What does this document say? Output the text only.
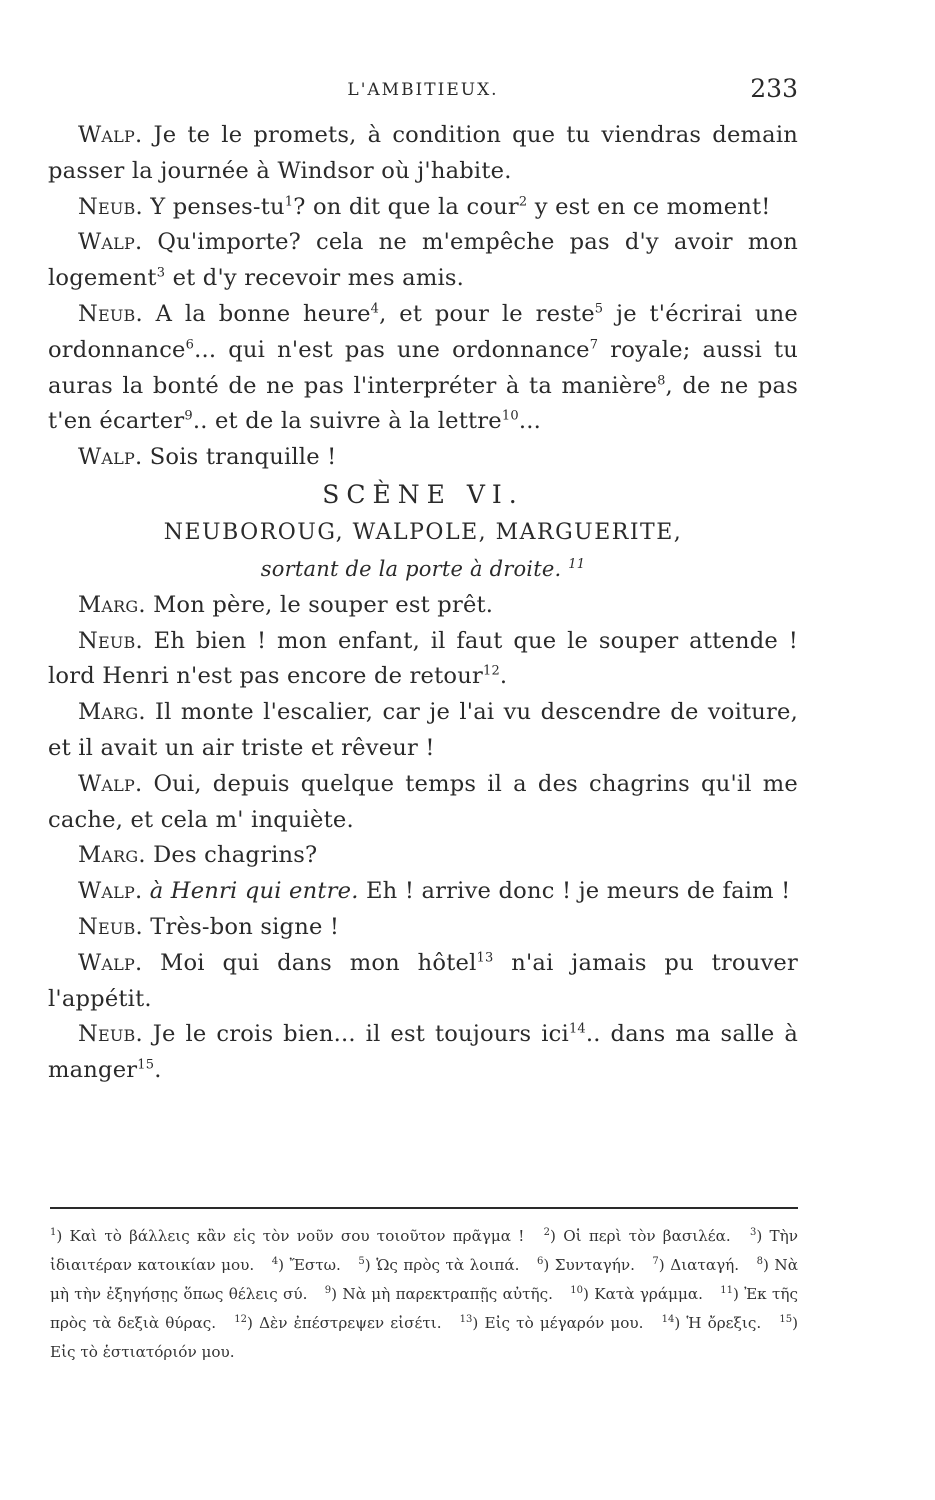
L'AMBITIEUX.	233

Walp. Je te le promets, à condition que tu viendras demain passer la journée à Windsor où j'habite.

Neub. Y penses-$tu^1$? on dit que la cour$^2$ y est en ce moment!

Walp. Qu'importe? cela ne m'empêche pas d'y avoir mon logement$^3$ et d'y recevoir mes amis.

Neub. A la bonne heure$^4$, et pour le reste$^5$ je t'écrirai une ordonnance$^6$... qui n'est pas une ordonnance$^7$ royale; aussi tu auras la bonté de ne pas l'interpréter à ta manière$^8$, de ne pas t'en écarter$^9$.. et de la suivre à la lettre$^{10}$...

Walp. Sois tranquille !

SCÈNE VI.

NEUBOROUG, WALPOLE, MARGUERITE,

sortant de la porte à droite. $^{11}$

Marg. Mon père, le souper est prêt.

Neub. Eh bien ! mon enfant, il faut que le souper attende ! lord Henri n'est pas encore de retour$^{12}$.

Marg. Il monte l'escalier, car je l'ai vu descendre de voiture, et il avait un air triste et rêveur !

Walp. Oui, depuis quelque temps il a des chagrins qu'il me cache, et cela m' inquiète.

Marg. Des chagrins?

Walp. à Henri qui entre. Eh ! arrive donc ! je meurs de faim !

Neub. Très-bon signe !

Walp. Moi qui dans mon hôtel$^{13}$ n'ai jamais pu trouver l'appétit.

Neub. Je le crois bien... il est toujours ici$^{14}$.. dans ma salle à manger$^{15}$.

$^1$) Καὶ τὸ βάλλεις κἂν εἰς τὸν νοῦν σου τοιοῦτον πρᾶγμα ! $^2$) Οἱ περὶ τὸν βασιλέα. $^3$) Τὴν ἰδιαιτέραν κατοικίαν μου. $^4$) Ἔστω. $^5$) Ὡς πρὸς τὰ λοιπά. $^6$) Συνταγήν. $^7$) Διαταγή. $^8$) Νὰ μὴ τὴν ἐξηγήσῃς ὅπως θέλεις σύ. $^9$) Νὰ μὴ παρεκτραπῇς αὐτῆς. $^{10}$) Κατὰ γράμμα. $^{11}$) Ἐκ τῆς πρὸς τὰ δεξιὰ θύρας. $^{12}$) Δὲν ἐπέστρεψεν εἰσέτι. $^{13}$) Εἰς τὸ μέγαρόν μου. $^{14}$) Ἡ ὄρεξις. $^{15}$) Εἰς τὸ ἑστιατόριόν μου.
